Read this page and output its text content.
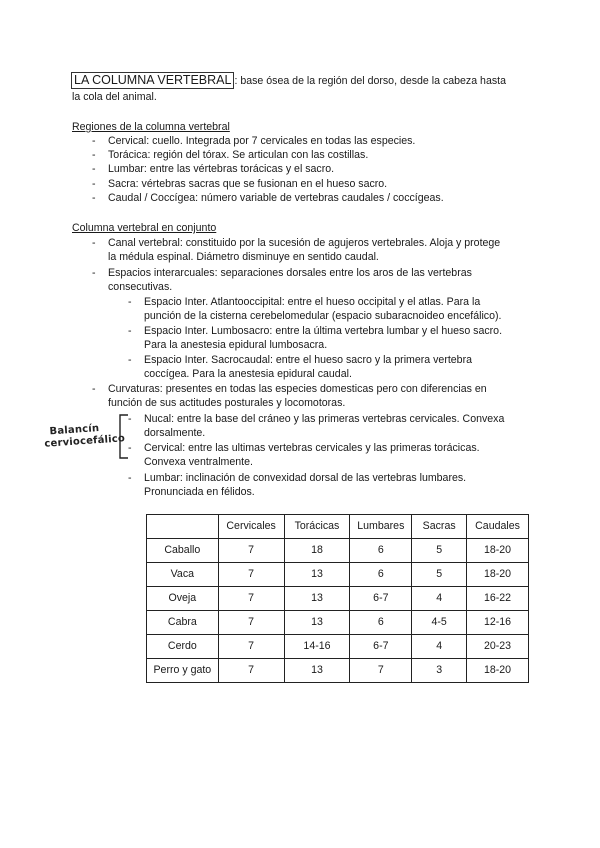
LA COLUMNA VERTEBRAL : base ósea de la región del dorso, desde la cabeza hasta
la cola del animal.
Regiones de la columna vertebral
-	Cervical: cuello. Integrada por 7 cervicales en todas las especies.
-	Torácica: región del tórax. Se articulan con las costillas.
-	Lumbar: entre las vértebras torácicas y el sacro.
-	Sacra: vértebras sacras que se fusionan en el hueso sacro.
-	Caudal / Coccígea: número variable de vertebras caudales / coccígeas.
Columna vertebral en conjunto
-	Canal vertebral: constituido por la sucesión de agujeros vertebrales. Aloja y protege
la médula espinal. Diámetro disminuye en sentido caudal.
-	Espacios interarcuales: separaciones dorsales entre los aros de las vertebras
consecutivas.
-	Espacio Inter. Atlantooccipital: entre el hueso occipital y el atlas. Para la
punción de la cisterna cerebelomedular (espacio subaracnoideo encefálico).
-	Espacio Inter. Lumbosacro: entre la última vertebra lumbar y el hueso sacro.
Para la anestesia epidural lumbosacra.
-	Espacio Inter. Sacrocaudal: entre el hueso sacro y la primera vertebra
coccígea. Para la anestesia epidural caudal.
-	Curvaturas: presentes en todas las especies domesticas pero con diferencias en
función de sus actitudes posturales y locomotoras.
Balancín
cerviocefálico
-	Nucal: entre la base del cráneo y las primeras vertebras cervicales. Convexa
dorsalmente.
-	Cervical: entre las ultimas vertebras cervicales y las primeras torácicas.
Convexa ventralmente.
-	Lumbar: inclinación de convexidad dorsal de las vertebras lumbares.
Pronunciada en félidos.
	Cervicales	Torácicas	Lumbares	Sacras	Caudales
Caballo	7	18	6	5	18-20
Vaca	7	13	6	5	18-20
Oveja	7	13	6-7	4	16-22
Cabra	7	13	6	4-5	12-16
Cerdo	7	14-16	6-7	4	20-23
Perro y gato	7	13	7	3	18-20
